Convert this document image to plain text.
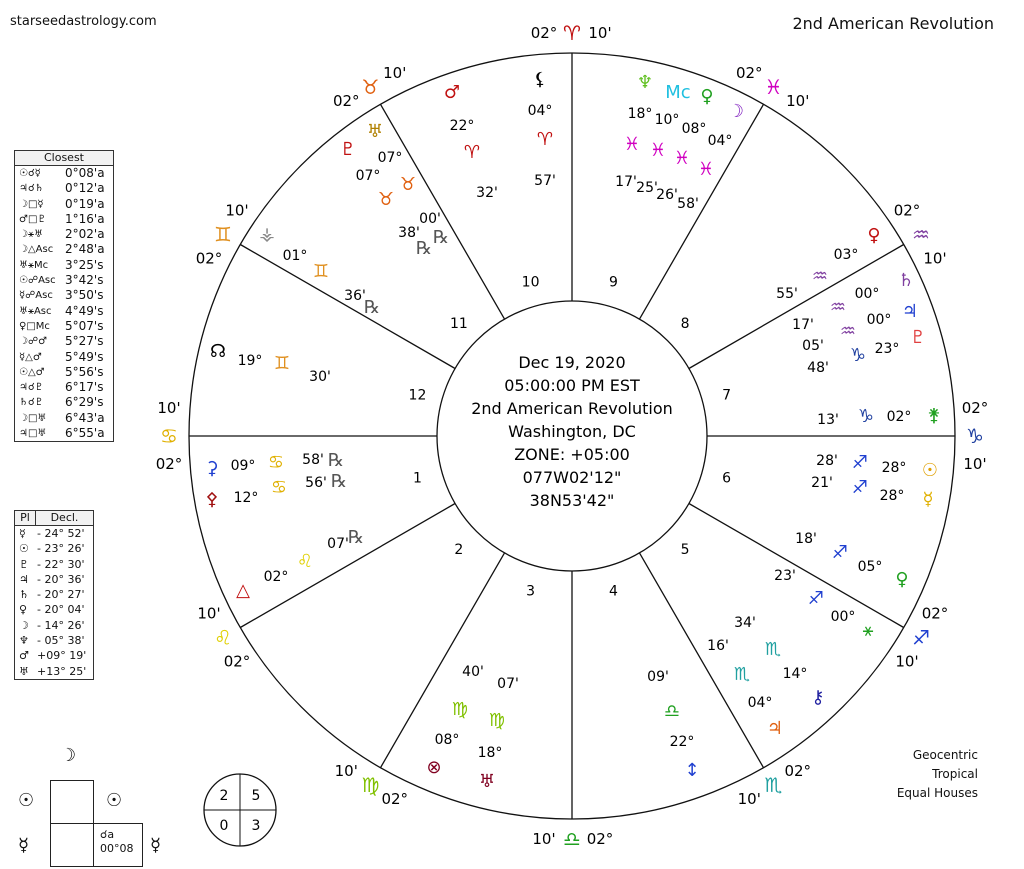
starseedastrology.com	2nd American Revolution
1
2
3	4
5
6
7
8
9
10
11
12
02°
♋
10'
02°
♌
10'
02°
♍
10'
02°
♎
10'
02°
♏
10'
02°
♐
10'
02°
♑
10'
02°
♒
10'
02°
♓
10'
02° ♈ 10'
02°
♉
10'
02°
♊
10'
⚸
04°
♈
57'
♂
22°
♈
32'
♅
♇ 07°
07° ♉
♉
00'
38' ℞
℞
⚶
01°
♊
36'
℞
☊ 19° ♊
30'
♆ Mc ♀
☽
18° 10°
08°
04°
♓ ♓ ♓
♓
17' 25'
26'
58'
♀
03°
♒
55'
♄
00°
♒	♃
00°
17' ♒	♇
05'	23°
♑
48'
13' ♑ 02° ⚵
28' ♐ 28° ☉
21' ♐ 28° ☿
18'
♐
05°
♀
23'
♐
00°
⚹
34'
♏
16'
♏ 14°
⚷
04°
♃
09'
♎
22°
↕
40'
07'
♍
♍
08°
18°
⊗
♅
⚳ 09° ♋ 58' ℞
⚴ 12° ♋ 56' ℞
07' ℞
♌
02°
△
Dec 19, 2020
05:00:00 PM EST
2nd American Revolution
Washington, DC
ZONE: +05:00
077W02'12"
38N53'42"
Closest
☉☌☿	0°08'a
♃☌♄	0°12'a
☽□☿	0°19'a
♂□♇	1°16'a
☽⚹♅	2°02'a
☽△Asc 2°48'a
♅⚹Mc	3°25's
☉☍Asc 3°42's
☿☍Asc	3°50's
♅⚹Asc	4°49's
♀□Mc	5°07's
☽☍♂	5°27's
☿△♂	5°49's
☉△♂	5°56's
♃☌♇	6°17's
♄☌♇	6°29's
☽□♅	6°43'a
♃□♅	6°55'a
Pl	Decl.
☿	- 24° 52'
☉ - 23° 26'
♇ - 22° 30'
♃ - 20° 36'
♄ - 20° 27'
♀ - 20° 04'
☽ - 14° 26'
♆ - 05° 38'
♂ +09° 19'
♅ +13° 25'
☽
☉	☉
☿	☿
☌a
00°08
2 5
0 3
Geocentric
Tropical
Equal Houses
